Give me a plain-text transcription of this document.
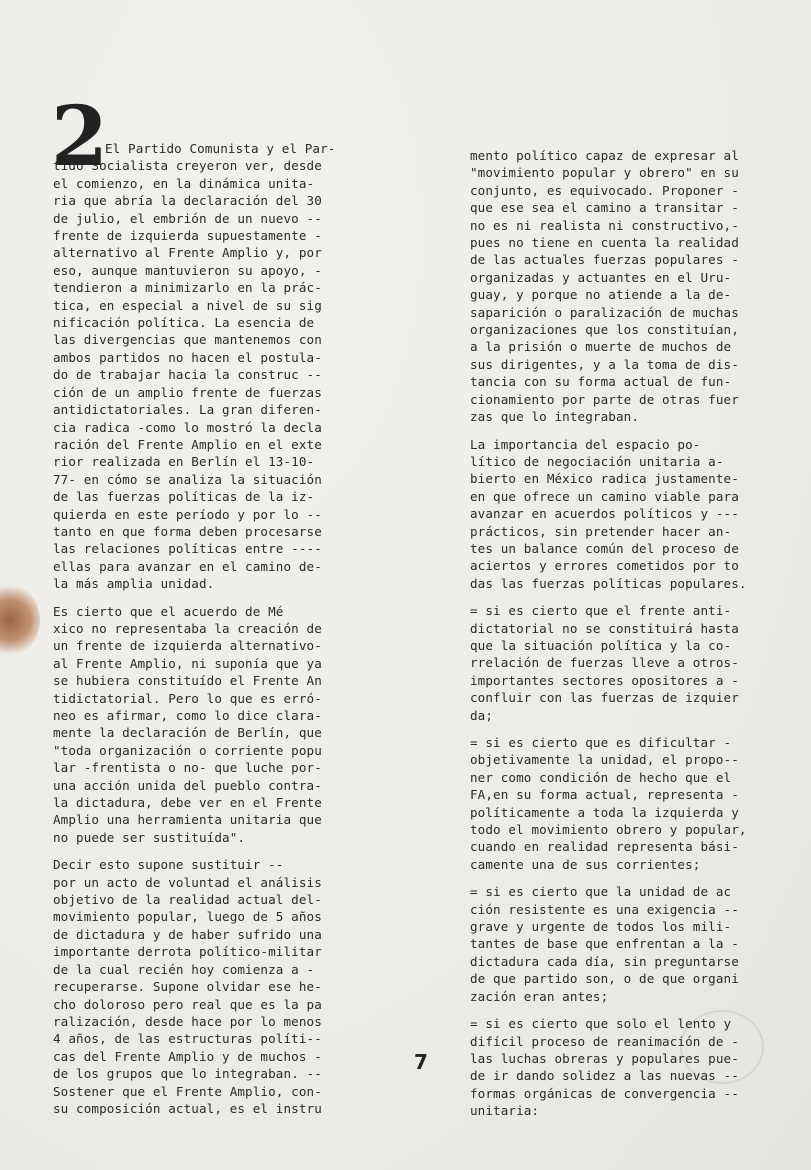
2

El Partido Comunista y el Par-
tido Socialista creyeron ver, desde
el comienzo, en la dinámica unita-
ria que abría la declaración del 30
de julio, el embrión de un nuevo --
frente de izquierda supuestamente -
alternativo al Frente Amplio y, por
eso, aunque mantuvieron su apoyo, -
tendieron a minimizarlo en la prác-
tica, en especial a nivel de su sig
nificación política. La esencia de
las divergencias que mantenemos con
ambos partidos no hacen el postula-
do de trabajar hacia la construc --
ción de un amplio frente de fuerzas
antidictatoriales. La gran diferen-
cia radica -como lo mostró la decla
ración del Frente Amplio en el exte
rior realizada en Berlín el 13-10-
77- en cómo se analiza la situación
de las fuerzas políticas de la iz-
quierda en este período y por lo --
tanto en que forma deben procesarse
las relaciones políticas entre ----
ellas para avanzar en el camino de-
la más amplia unidad.

Es cierto que el acuerdo de Mé
xico no representaba la creación de
un frente de izquierda alternativo-
al Frente Amplio, ni suponía que ya
se hubiera constituído el Frente An
tidictatorial. Pero lo que es erró-
neo es afirmar, como lo dice clara-
mente la declaración de Berlín, que
"toda organización o corriente popu
lar -frentista o no- que luche por-
una acción unida del pueblo contra-
la dictadura, debe ver en el Frente
Amplio una herramienta unitaria que
no puede ser sustituída".

Decir esto supone sustituir --
por un acto de voluntad el análisis
objetivo de la realidad actual del-
movimiento popular, luego de 5 años
de dictadura y de haber sufrido una
importante derrota político-militar
de la cual recién hoy comienza a -
recuperarse. Supone olvidar ese he-
cho doloroso pero real que es la pa
ralización, desde hace por lo menos
4 años, de las estructuras políti--
cas del Frente Amplio y de muchos -
de los grupos que lo integraban. --
Sostener que el Frente Amplio, con-
su composición actual, es el instru

mento político capaz de expresar al
"movimiento popular y obrero" en su
conjunto, es equivocado. Proponer -
que ese sea el camino a transitar -
no es ni realista ni constructivo,-
pues no tiene en cuenta la realidad
de las actuales fuerzas populares -
organizadas y actuantes en el Uru-
guay, y porque no atiende a la de-
saparición o paralización de muchas
organizaciones que los constituían,
a la prisión o muerte de muchos de
sus dirigentes, y a la toma de dis-
tancia con su forma actual de fun-
cionamiento por parte de otras fuer
zas que lo integraban.

La importancia del espacio po-
lítico de negociación unitaria a-
bierto en México radica justamente-
en que ofrece un camino viable para
avanzar en acuerdos políticos y ---
prácticos, sin pretender hacer an-
tes un balance común del proceso de
aciertos y errores cometidos por to
das las fuerzas políticas populares.

= si es cierto que el frente anti-
dictatorial no se constituirá hasta
que la situación política y la co-
rrelación de fuerzas lleve a otros-
importantes sectores opositores a -
confluir con las fuerzas de izquier
da;

= si es cierto que es dificultar -
objetivamente la unidad, el propo--
ner como condición de hecho que el
FA,en su forma actual, representa -
políticamente a toda la izquierda y
todo el movimiento obrero y popular,
cuando en realidad representa bási-
camente una de sus corrientes;

= si es cierto que la unidad de ac
ción resistente es una exigencia --
grave y urgente de todos los mili-
tantes de base que enfrentan a la -
dictadura cada día, sin preguntarse
de que partido son, o de que organi
zación eran antes;

= si es cierto que solo el lento y
difícil proceso de reanimación de -
las luchas obreras y populares pue-
de ir dando solidez a las nuevas --
formas orgánicas de convergencia --
unitaria:

7
